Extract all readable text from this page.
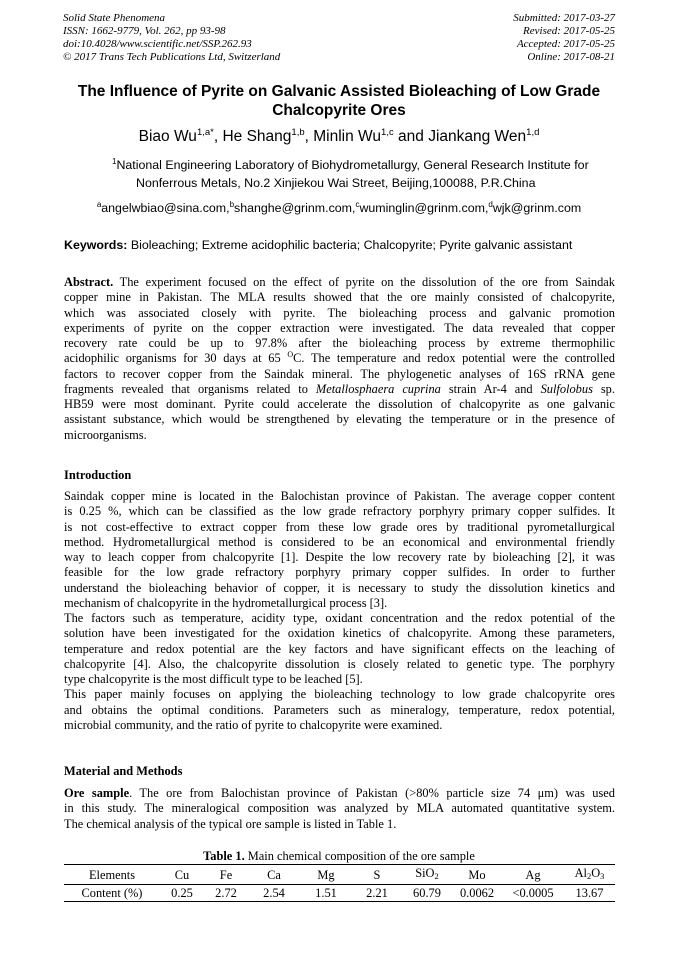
Solid State Phenomena
ISSN: 1662-9779, Vol. 262, pp 93-98
doi:10.4028/www.scientific.net/SSP.262.93
© 2017 Trans Tech Publications Ltd, Switzerland
Submitted: 2017-03-27
Revised: 2017-05-25
Accepted: 2017-05-25
Online: 2017-08-21
The Influence of Pyrite on Galvanic Assisted Bioleaching of Low Grade
Chalcopyrite Ores
Biao $Wu^{1,a*}$, He Shang$^{1,b}$, Minlin Wu$^{1,c}$ and Jiankang Wen$^{1,d}$
$^1$National Engineering Laboratory of Biohydrometallurgy, General Research Institute for
Nonferrous Metals, No.2 Xinjiekou Wai Street, Beijing,100088, P.R.China
$^a$angelwbiao@sina.com,$^b$shanghe@grinm.com,$^c$wuminglin@grinm.com,$^d$wjk@grinm.com
Keywords: Bioleaching; Extreme acidophilic bacteria; Chalcopyrite; Pyrite galvanic assistant
Abstract. The experiment focused on the effect of pyrite on the dissolution of the ore from Saindak
copper mine in Pakistan. The MLA results showed that the ore mainly consisted of chalcopyrite,
which was associated closely with pyrite. The bioleaching process and galvanic promotion
experiments of pyrite on the copper extraction were investigated. The data revealed that copper
recovery rate could be up to 97.8% after the bioleaching process by extreme thermophilic
acidophilic organisms for 30 days at 65 $^O$C. The temperature and redox potential were the controlled
factors to recover copper from the Saindak mineral. The phylogenetic analyses of 16S rRNA gene
fragments revealed that organisms related to Metallosphaera cuprina strain Ar-4 and Sulfolobus sp.
HB59 were most dominant. Pyrite could accelerate the dissolution of chalcopyrite as one galvanic
assistant substance, which would be strengthened by elevating the temperature or in the presence of
microorganisms.
Introduction
Saindak copper mine is located in the Balochistan province of Pakistan. The average copper content
is 0.25 %, which can be classified as the low grade refractory porphyry primary copper sulfides. It
is not cost-effective to extract copper from these low grade ores by traditional pyrometallurgical
method. Hydrometallurgical method is considered to be an economical and environmental friendly
way to leach copper from chalcopyrite [1]. Despite the low recovery rate by bioleaching [2], it was
feasible for the low grade refractory porphyry primary copper sulfides. In order to further
understand the bioleaching behavior of copper, it is necessary to study the dissolution kinetics and
mechanism of chalcopyrite in the hydrometallurgical process [3].
The factors such as temperature, acidity type, oxidant concentration and the redox potential of the
solution have been investigated for the oxidation kinetics of chalcopyrite. Among these parameters,
temperature and redox potential are the key factors and have significant effects on the leaching of
chalcopyrite [4]. Also, the chalcopyrite dissolution is closely related to genetic type. The porphyry
type chalcopyrite is the most difficult type to be leached [5].
This paper mainly focuses on applying the bioleaching technology to low grade chalcopyrite ores
and obtains the optimal conditions. Parameters such as mineralogy, temperature, redox potential,
microbial community, and the ratio of pyrite to chalcopyrite were examined.
Material and Methods
Ore sample. The ore from Balochistan province of Pakistan (>80% particle size 74 μm) was used
in this study. The mineralogical composition was analyzed by MLA automated quantitative system.
The chemical analysis of the typical ore sample is listed in Table 1.
Table 1. Main chemical composition of the ore sample
Elements	Cu	Fe	Ca	Mg	S	SiO$_2$	Mo	Ag	$Al_2O_3$
Content (%)	0.25	2.72	2.54	1.51	2.21	60.79	0.0062	<0.0005	13.67
